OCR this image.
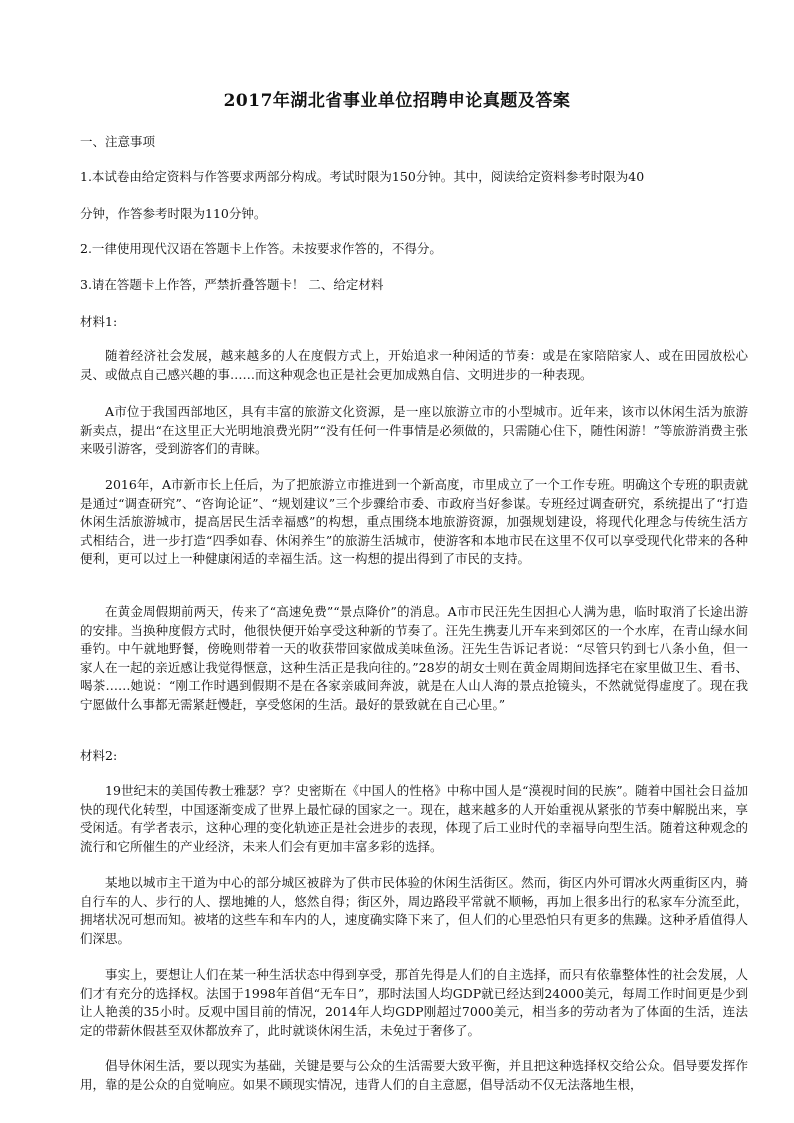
2017年湖北省事业单位招聘申论真题及答案
一、注意事项
1.本试卷由给定资料与作答要求两部分构成。考试时限为150分钟。其中，阅读给定资料参考时限为40
分钟，作答参考时限为110分钟。
2.一律使用现代汉语在答题卡上作答。未按要求作答的，不得分。
3.请在答题卡上作答，严禁折叠答题卡！ 二、给定材料
材料1:

随着经济社会发展，越来越多的人在度假方式上，开始追求一种闲适的节奏：或是在家陪陪家人、或在田园放松心灵、或做点自己感兴趣的事……而这种观念也正是社会更加成熟自信、文明进步的一种表现。

A市位于我国西部地区，具有丰富的旅游文化资源，是一座以旅游立市的小型城市。近年来，该市以休闲生活为旅游新卖点，提出“在这里正大光明地浪费光阴”“没有任何一件事情是必须做的，只需随心住下，随性闲游！”等旅游消费主张来吸引游客，受到游客们的青睐。

2016年，A市新市长上任后，为了把旅游立市推进到一个新高度，市里成立了一个工作专班。明确这个专班的职责就是通过“调查研究”、“咨询论证”、“规划建议”三个步骤给市委、市政府当好参谋。专班经过调查研究，系统提出了“打造休闲生活旅游城市，提高居民生活幸福感”的构想，重点围绕本地旅游资源，加强规划建设，将现代化理念与传统生活方式相结合，进一步打造“四季如春、休闲养生”的旅游生活城市，使游客和本地市民在这里不仅可以享受现代化带来的各种便利，更可以过上一种健康闲适的幸福生活。这一构想的提出得到了市民的支持。

在黄金周假期前两天，传来了“高速免费”“景点降价”的消息。A市市民汪先生因担心人满为患，临时取消了长途出游的安排。当换种度假方式时，他很快便开始享受这种新的节奏了。汪先生携妻儿开车来到郊区的一个水库，在青山绿水间垂钓。中午就地野餐，傍晚则带着一天的收获带回家做成美味鱼汤。汪先生告诉记者说：“尽管只钓到七八条小鱼，但一家人在一起的亲近感让我觉得惬意，这种生活正是我向往的。”28岁的胡女士则在黄金周期间选择宅在家里做卫生、看书、喝茶……她说：“刚工作时遇到假期不是在各家亲戚间奔波，就是在人山人海的景点抢镜头，不然就觉得虚度了。现在我宁愿做什么事都无需紧赶慢赶，享受悠闲的生活。最好的景致就在自己心里。”

材料2:

19世纪末的美国传教士雅瑟？亨？史密斯在《中国人的性格》中称中国人是“漠视时间的民族”。随着中国社会日益加快的现代化转型，中国逐渐变成了世界上最忙碌的国家之一。现在，越来越多的人开始重视从紧张的节奏中解脱出来，享受闲适。有学者表示，这种心理的变化轨迹正是社会进步的表现，体现了后工业时代的幸福导向型生活。随着这种观念的流行和它所催生的产业经济，未来人们会有更加丰富多彩的选择。

某地以城市主干道为中心的部分城区被辟为了供市民体验的休闲生活街区。然而，街区内外可谓冰火两重街区内，骑自行车的人、步行的人、摆地摊的人，悠然自得；街区外，周边路段平常就不顺畅，再加上很多出行的私家车分流至此，拥堵状况可想而知。被堵的这些车和车内的人，速度确实降下来了，但人们的心里恐怕只有更多的焦躁。这种矛盾值得人们深思。

事实上，要想让人们在某一种生活状态中得到享受，那首先得是人们的自主选择，而只有依靠整体性的社会发展，人们才有充分的选择权。法国于1998年首倡“无车日”，那时法国人均GDP就已经达到24000美元，每周工作时间更是少到让人艳羡的35小时。反观中国目前的情况，2014年人均GDP刚超过7000美元，相当多的劳动者为了体面的生活，连法定的带薪休假甚至双休都放弃了，此时就谈休闲生活，未免过于奢侈了。

倡导休闲生活，要以现实为基础，关键是要与公众的生活需要大致平衡，并且把这种选择权交给公众。倡导要发挥作用，靠的是公众的自觉响应。如果不顾现实情况，违背人们的自主意愿，倡导活动不仅无法落地生根，
